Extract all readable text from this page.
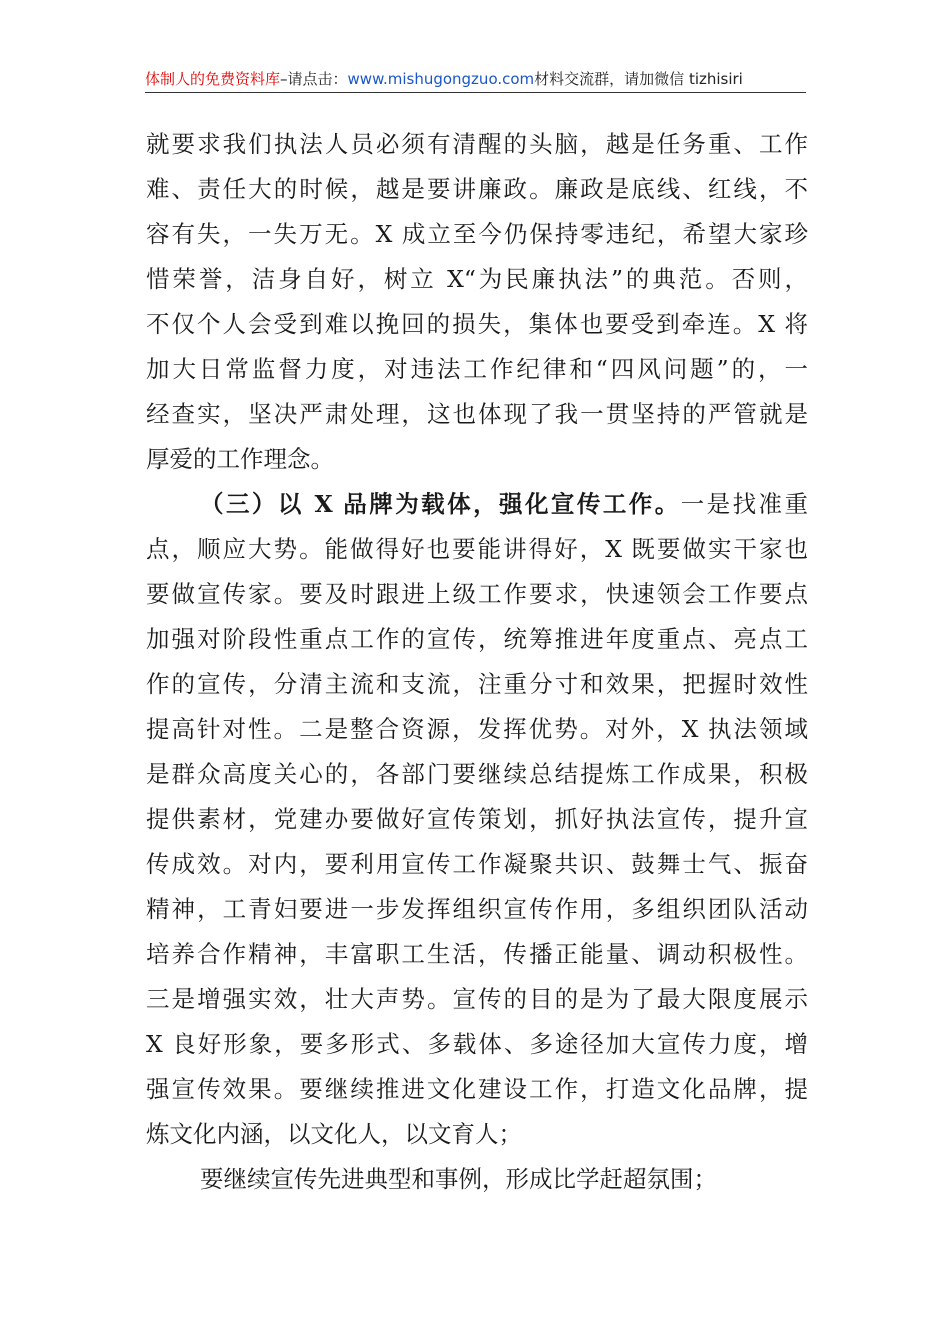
体制人的免费资料库–请点击：www.mishugongzuo.com材料交流群，请加微信 tizhisiri
就要求我们执法人员必须有清醒的头脑，越是任务重、工作
难、责任大的时候，越是要讲廉政。廉政是底线、红线，不
容有失，一失万无。X 成立至今仍保持零违纪，希望大家珍
惜荣誉，洁身自好，树立 X“为民廉执法”的典范。否则，
不仅个人会受到难以挽回的损失，集体也要受到牵连。X 将
加大日常监督力度，对违法工作纪律和“四风问题”的，一
经查实，坚决严肃处理，这也体现了我一贯坚持的严管就是
厚爱的工作理念。
（三）以 X 品牌为载体，强化宣传工作。一是找准重
点，顺应大势。能做得好也要能讲得好，X 既要做实干家也
要做宣传家。要及时跟进上级工作要求，快速领会工作要点
加强对阶段性重点工作的宣传，统筹推进年度重点、亮点工
作的宣传，分清主流和支流，注重分寸和效果，把握时效性
提高针对性。二是整合资源，发挥优势。对外，X 执法领域
是群众高度关心的，各部门要继续总结提炼工作成果，积极
提供素材，党建办要做好宣传策划，抓好执法宣传，提升宣
传成效。对内，要利用宣传工作凝聚共识、鼓舞士气、振奋
精神，工青妇要进一步发挥组织宣传作用，多组织团队活动
培养合作精神，丰富职工生活，传播正能量、调动积极性。
三是增强实效，壮大声势。宣传的目的是为了最大限度展示
X 良好形象，要多形式、多载体、多途径加大宣传力度，增
强宣传效果。要继续推进文化建设工作，打造文化品牌，提
炼文化内涵，以文化人，以文育人；
要继续宣传先进典型和事例，形成比学赶超氛围；
